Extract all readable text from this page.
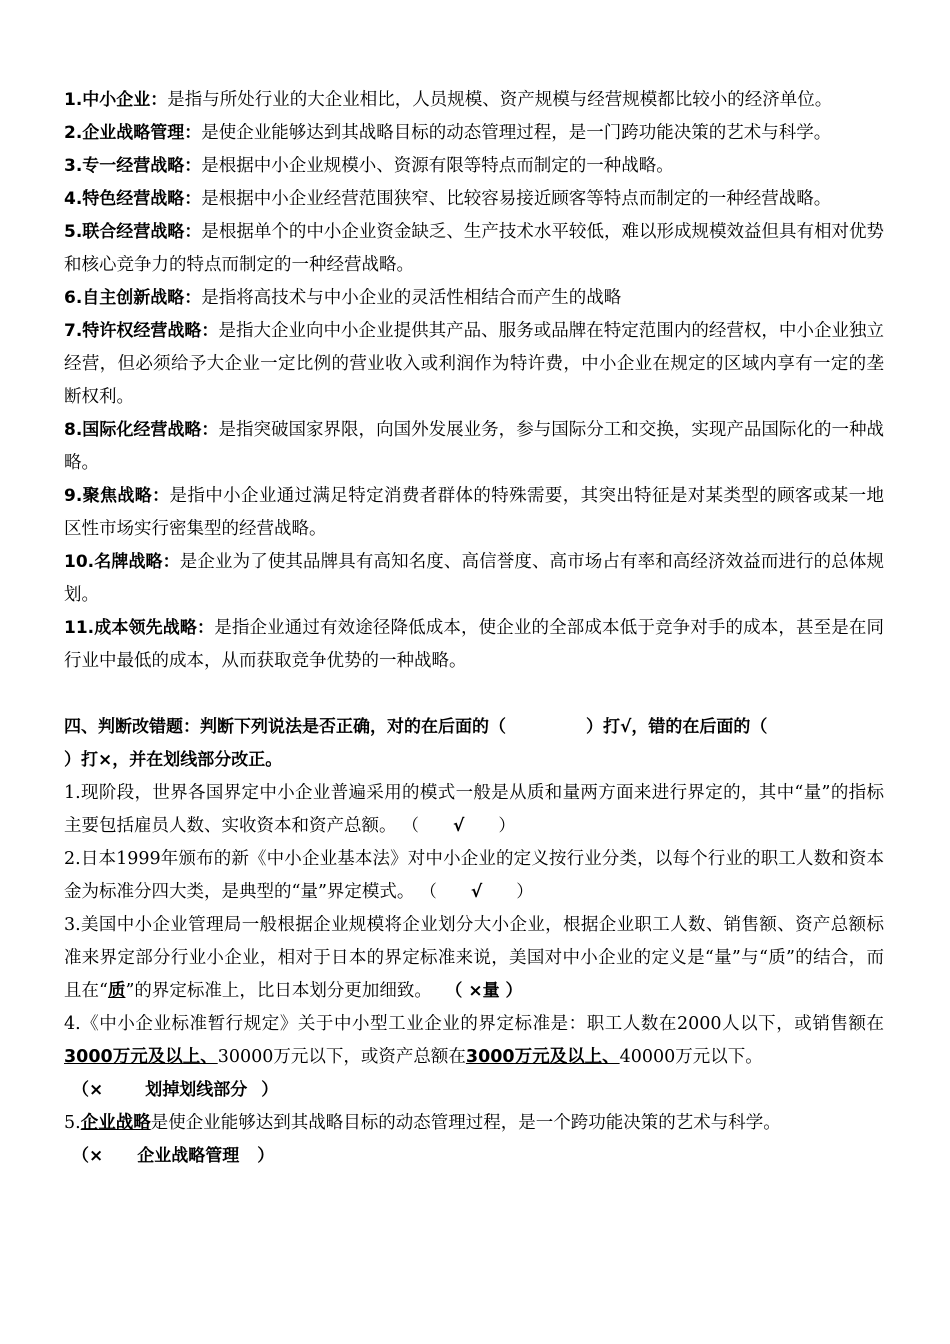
1.中小企业：是指与所处行业的大企业相比，人员规模、资产规模与经营规模都比较小的经济单位。

2.企业战略管理：是使企业能够达到其战略目标的动态管理过程，是一门跨功能决策的艺术与科学。

3.专一经营战略：是根据中小企业规模小、资源有限等特点而制定的一种战略。

4.特色经营战略：是根据中小企业经营范围狭窄、比较容易接近顾客等特点而制定的一种经营战略。

5.联合经营战略：是根据单个的中小企业资金缺乏、生产技术水平较低，难以形成规模效益但具有相对优势和核心竞争力的特点而制定的一种经营战略。

6.自主创新战略：是指将高技术与中小企业的灵活性相结合而产生的战略

7.特许权经营战略：是指大企业向中小企业提供其产品、服务或品牌在特定范围内的经营权，中小企业独立经营，但必须给予大企业一定比例的营业收入或利润作为特许费，中小企业在规定的区域内享有一定的垄断权利。

8.国际化经营战略：是指突破国家界限，向国外发展业务，参与国际分工和交换，实现产品国际化的一种战略。

9.聚焦战略：是指中小企业通过满足特定消费者群体的特殊需要，其突出特征是对某类型的顾客或某一地区性市场实行密集型的经营战略。

10.名牌战略：是企业为了使其品牌具有高知名度、高信誉度、高市场占有率和高经济效益而进行的总体规划。

11.成本领先战略：是指企业通过有效途径降低成本，使企业的全部成本低于竞争对手的成本，甚至是在同行业中最低的成本，从而获取竞争优势的一种战略。

四、判断改错题：判断下列说法是否正确，对的在后面的（	）打√，错的在后面的（
）打×，并在划线部分改正。

1.现阶段，世界各国界定中小企业普遍采用的模式一般是从质和量两方面来进行界定的，其中“量”的指标主要包括雇员人数、实收资本和资产总额。 （ √ ）

2.日本1999年颁布的新《中小企业基本法》对中小企业的定义按行业分类，以每个行业的职工人数和资本金为标准分四大类，是典型的“量”界定模式。 （ √ ）

3.美国中小企业管理局一般根据企业规模将企业划分大小企业，根据企业职工人数、销售额、资产总额标准来界定部分行业小企业，相对于日本的界定标准来说，美国对中小企业的定义是“量”与“质”的结合，而且在“质”的界定标准上，比日本划分更加细致。 （ ×量 ）

4.《中小企业标准暂行规定》关于中小型工业企业的界定标准是：职工人数在2000人以下，或销售额在3000万元及以上、30000万元以下，或资产总额在3000万元及以上、40000万元以下。
（× 划掉划线部分 ）

5.企业战略是使企业能够达到其战略目标的动态管理过程，是一个跨功能决策的艺术与科学。
（× 企业战略管理 ）
